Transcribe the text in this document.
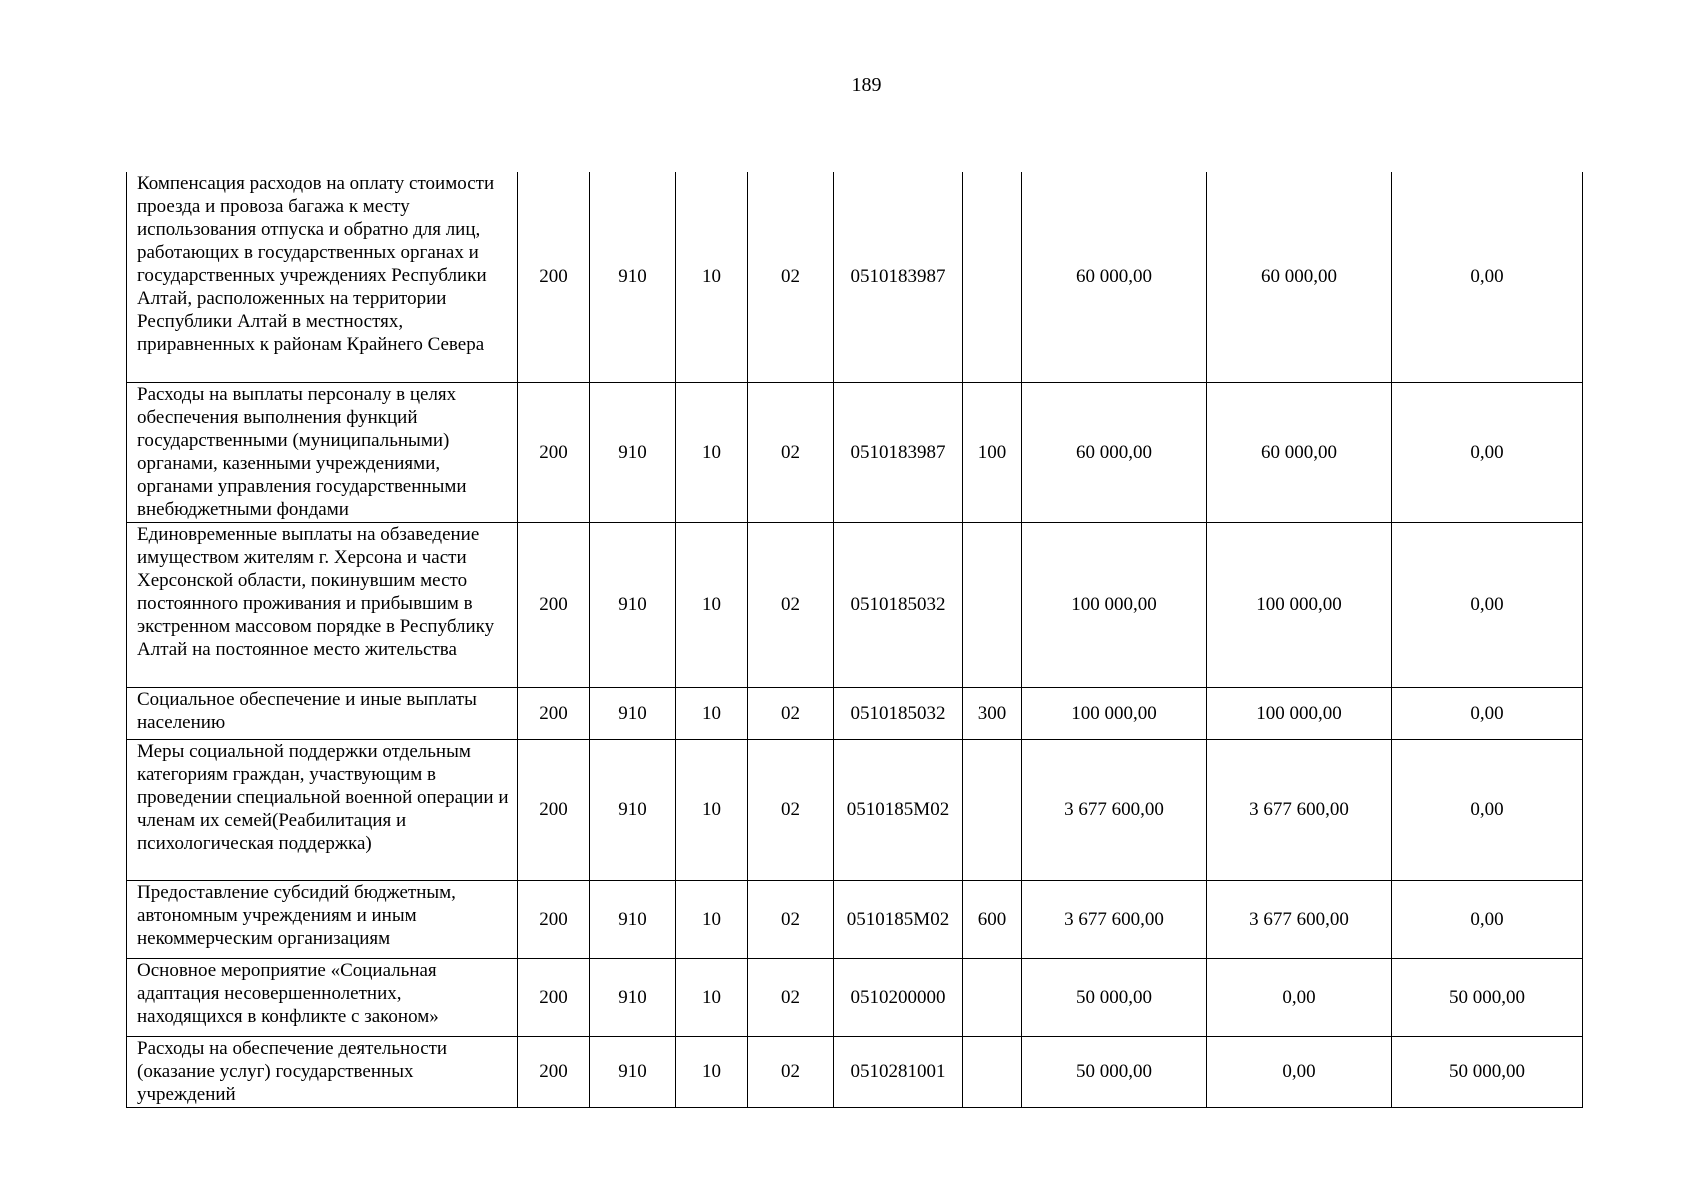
189
Компенсация расходов на оплату стоимости проезда и провоза багажа к месту использования отпуска и обратно для лиц, работающих в государственных органах и государственных учреждениях Республики Алтай, расположенных на территории Республики Алтай в местностях, приравненных к районам Крайнего Севера	200	910	10	02	0510183987		60 000,00	60 000,00	0,00
Расходы на выплаты персоналу в целях обеспечения выполнения функций государственными (муниципальными) органами, казенными учреждениями, органами управления государственными внебюджетными фондами	200	910	10	02	0510183987	100	60 000,00	60 000,00	0,00
Единовременные выплаты на обзаведение имуществом жителям г. Херсона и части Херсонской области, покинувшим место постоянного проживания и прибывшим в экстренном массовом порядке в Республику Алтай на постоянное место жительства	200	910	10	02	0510185032		100 000,00	100 000,00	0,00
Социальное обеспечение и иные выплаты населению	200	910	10	02	0510185032	300	100 000,00	100 000,00	0,00
Меры социальной поддержки отдельным категориям граждан, участвующим в проведении специальной военной операции и членам их семей(Реабилитация и психологическая поддержка)	200	910	10	02	0510185М02		3 677 600,00	3 677 600,00	0,00
Предоставление субсидий бюджетным, автономным учреждениям и иным некоммерческим организациям	200	910	10	02	0510185М02	600	3 677 600,00	3 677 600,00	0,00
Основное мероприятие «Социальная адаптация несовершеннолетних, находящихся в конфликте с законом»	200	910	10	02	0510200000		50 000,00	0,00	50 000,00
Расходы на обеспечение деятельности (оказание услуг) государственных учреждений	200	910	10	02	0510281001		50 000,00	0,00	50 000,00
